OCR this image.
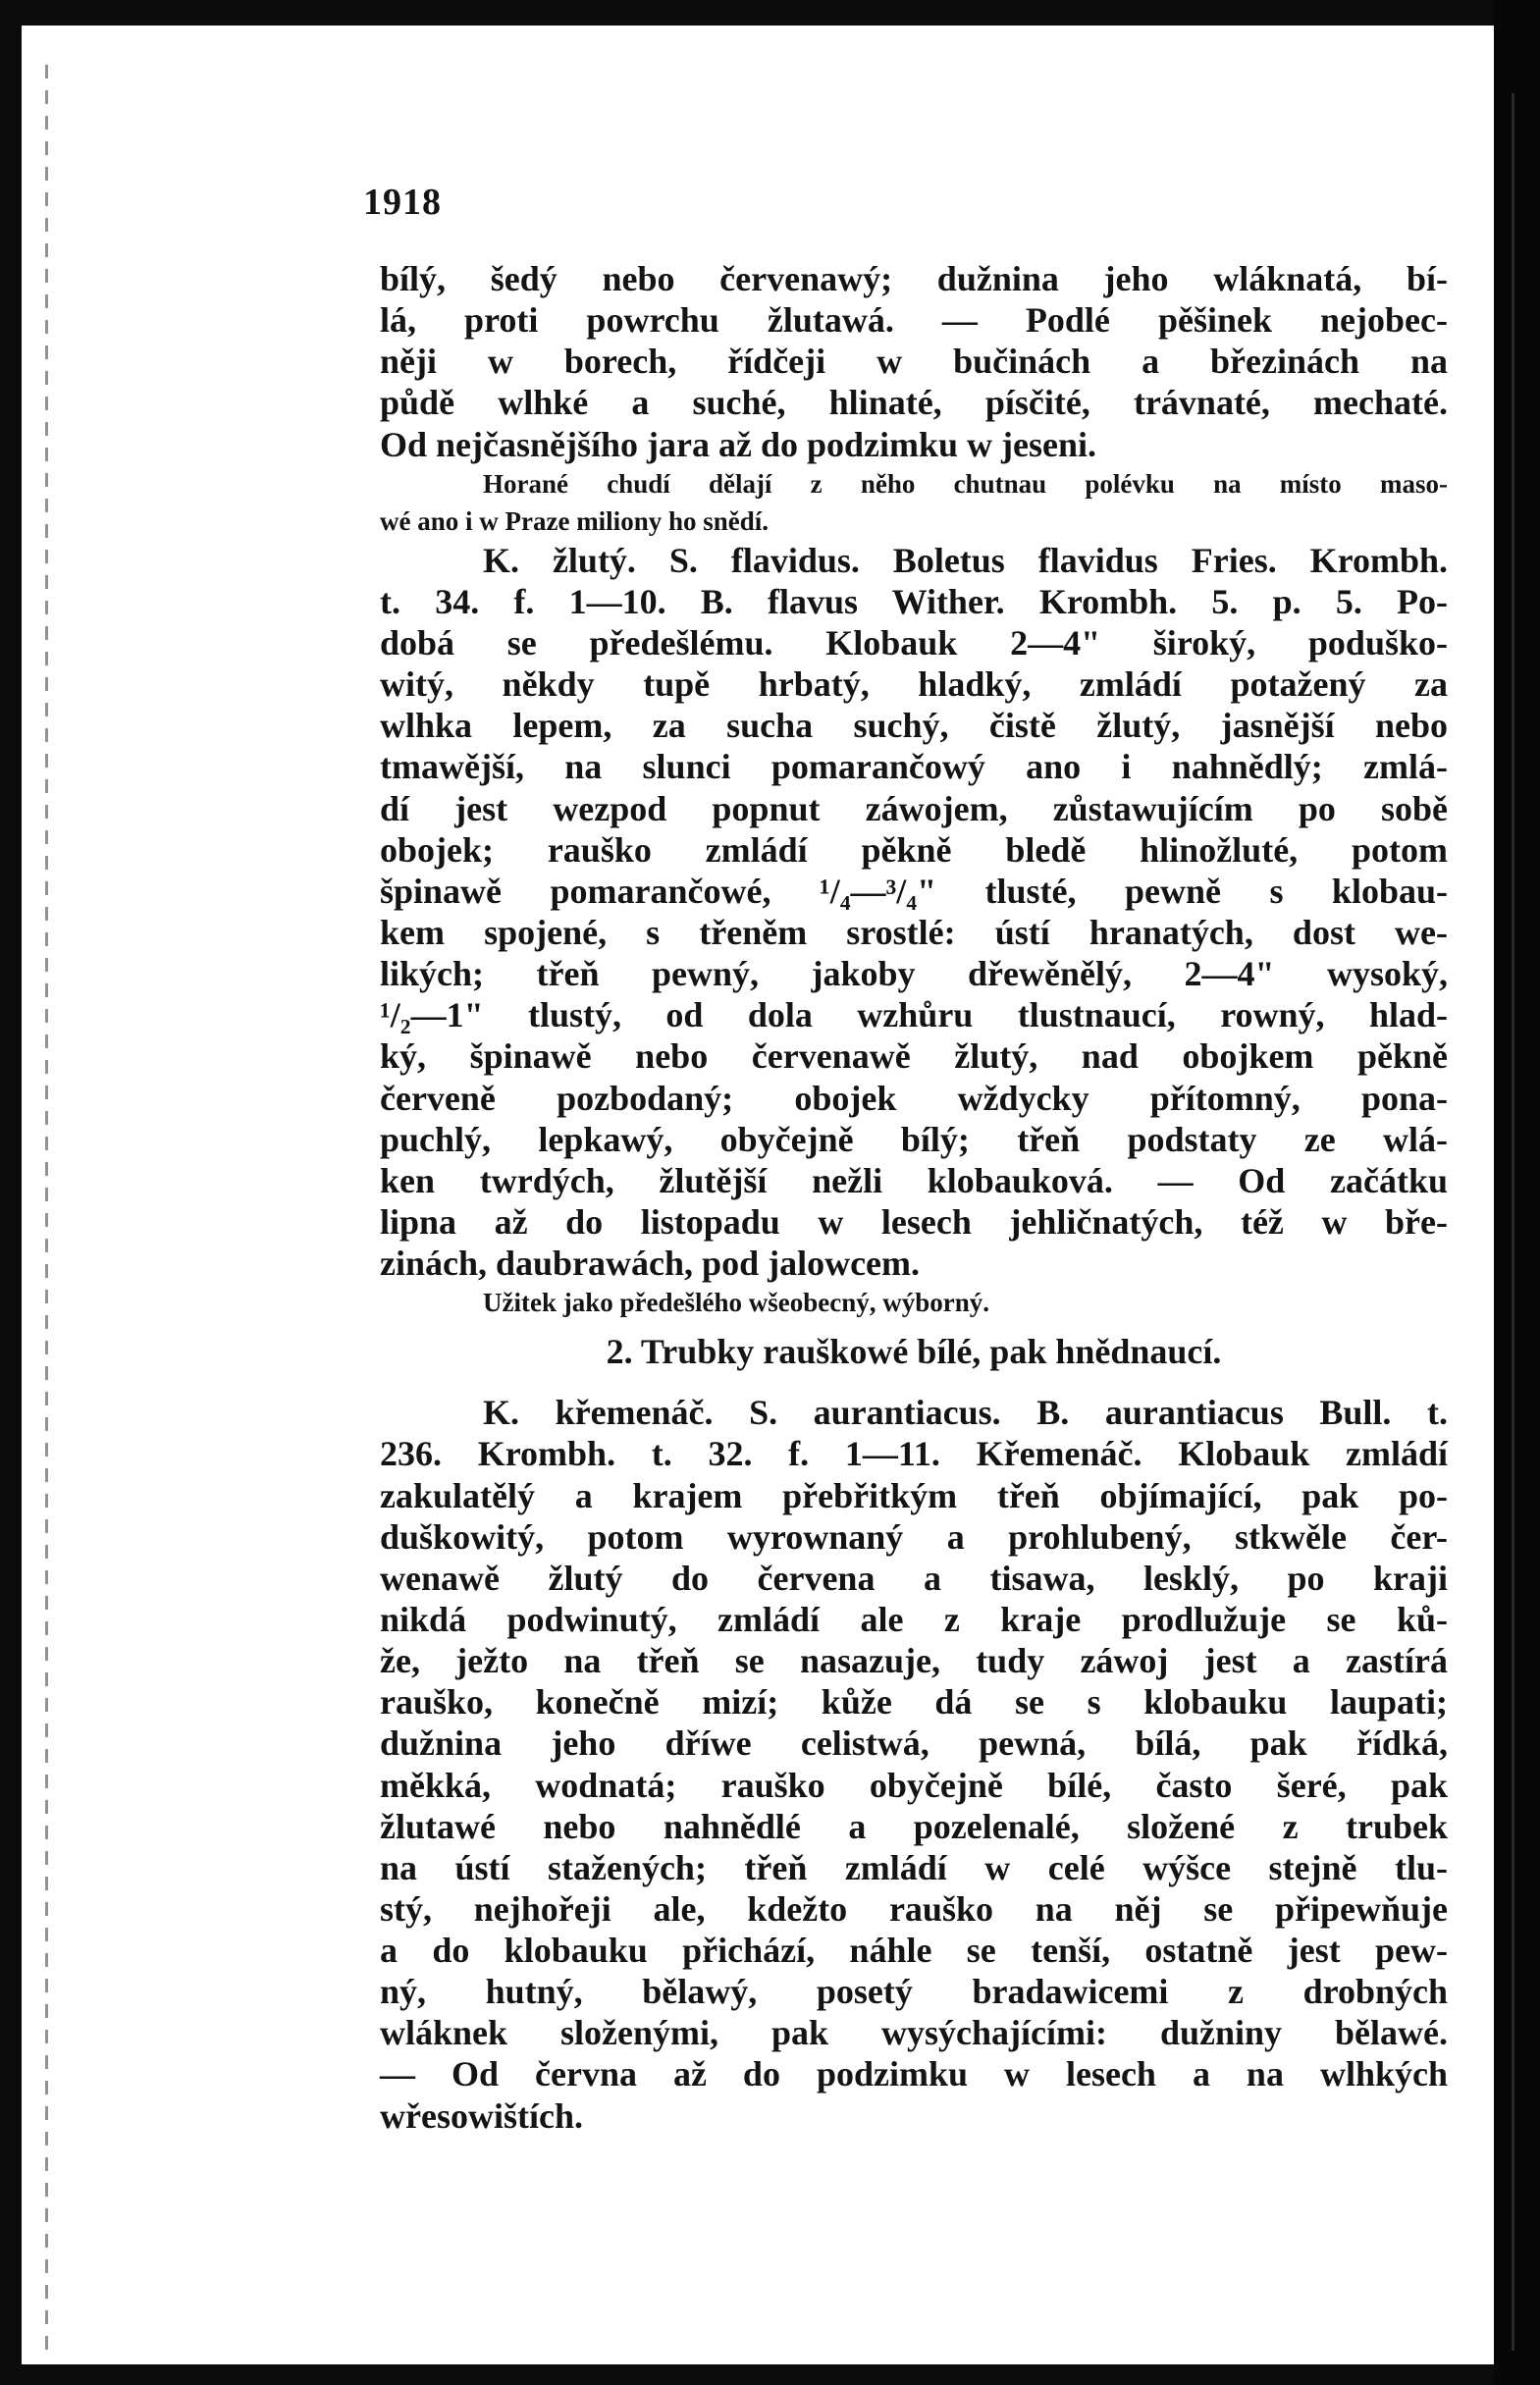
1918
bílý, šedý nebo červenawý; dužnina jeho wláknatá, bí-
lá, proti powrchu žlutawá. — Podlé pěšinek nejobec-
něji w borech, řídčeji w bučinách a březinách na
půdě wlhké a suché, hlinaté, písčité, trávnaté, mechaté.
Od nejčasnějšího jara až do podzimku w jeseni.
Horané chudí dělají z něho chutnau polévku na místo maso-
wé ano i w Praze miliony ho snědí.
K. žlutý. S. flavidus. Boletus flavidus Fries. Krombh.
t. 34. f. 1—10. B. flavus Wither. Krombh. 5. p. 5. Po-
dobá se předešlému. Klobauk 2—4" široký, poduškо-
witý, někdy tupě hrbatý, hladký, zmládí potažený za
wlhka lepem, za sucha suchý, čistě žlutý, jasnější nebo
tmawější, na slunci pomarančowý ano i nahnědlý; zmlá-
dí jest wezpod popnut záwojem, zůstawujícím po sobě
obojek; rauško zmládí pěkně bledě hlinožluté, potom
špinawě pomarančowé, ¹/₄—³/₄" tlusté, pewně s klobau-
kem spojené, s třeněm srostlé: ústí hranatých, dost we-
likých; třeň pewný, jakoby dřewěnělý, 2—4" wysoký,
¹/₂—1" tlustý, od dola wzhůru tlustnaucí, rowný, hlad-
ký, špinawě nebo červenawě žlutý, nad obojkem pěkně
červeně pozbodaný; obojek wždycky přítomný, ponа-
puchlý, lepkawý, obyčejně bílý; třeň podstaty ze wlá-
ken twrdých, žlutější nežli klobauková. — Od začátku
lipna až do listopadu w lesech jehličnatých, též w bře-
zinách, daubrawách, pod jalowcem.
Užitek jako předešlého wšeobecný, wýborný.
2. Trubky rauškowé bílé, pak hnědnaucí.
K. křemenáč. S. aurantiacus. B. aurantiacus Bull. t.
236. Krombh. t. 32. f. 1—11. Křemenáč. Klobauk zmládí
zakulatělý a krajem přebřitkým třeň objímající, pak po-
duškowitý, potom wyrownaný a prohlubený, stkwěle čer-
wenawě žlutý do červena a tisawa, lesklý, po kraji
nikdá podwinutý, zmládí ale z kraje prodlužuje se ků-
že, ježto na třeň se nasazuje, tudy záwoj jest a zastírá
rauško, konečně mizí; kůže dá se s klobauku laupati;
dužnina jeho dříwe celistwá, pewná, bílá, pak řídká,
měkká, wodnatá; rauško obyčejně bílé, často šeré, pak
žlutawé nebo nahnědlé a pozelenalé, složené z trubek
na ústí stažených; třeň zmládí w celé wýšce stejně tlu-
stý, nejhořeji ale, kdežto rauško na něj se připewňuje
a do klobauku přichází, náhle se tenší, ostatně jest pew-
ný, hutný, bělawý, posetý bradawicemi z drobných
wláknek složenými, pak wysýchajícími: dužniny bělawé.
— Od června až do podzimku w lesech a na wlhkých
wřesowištích.
